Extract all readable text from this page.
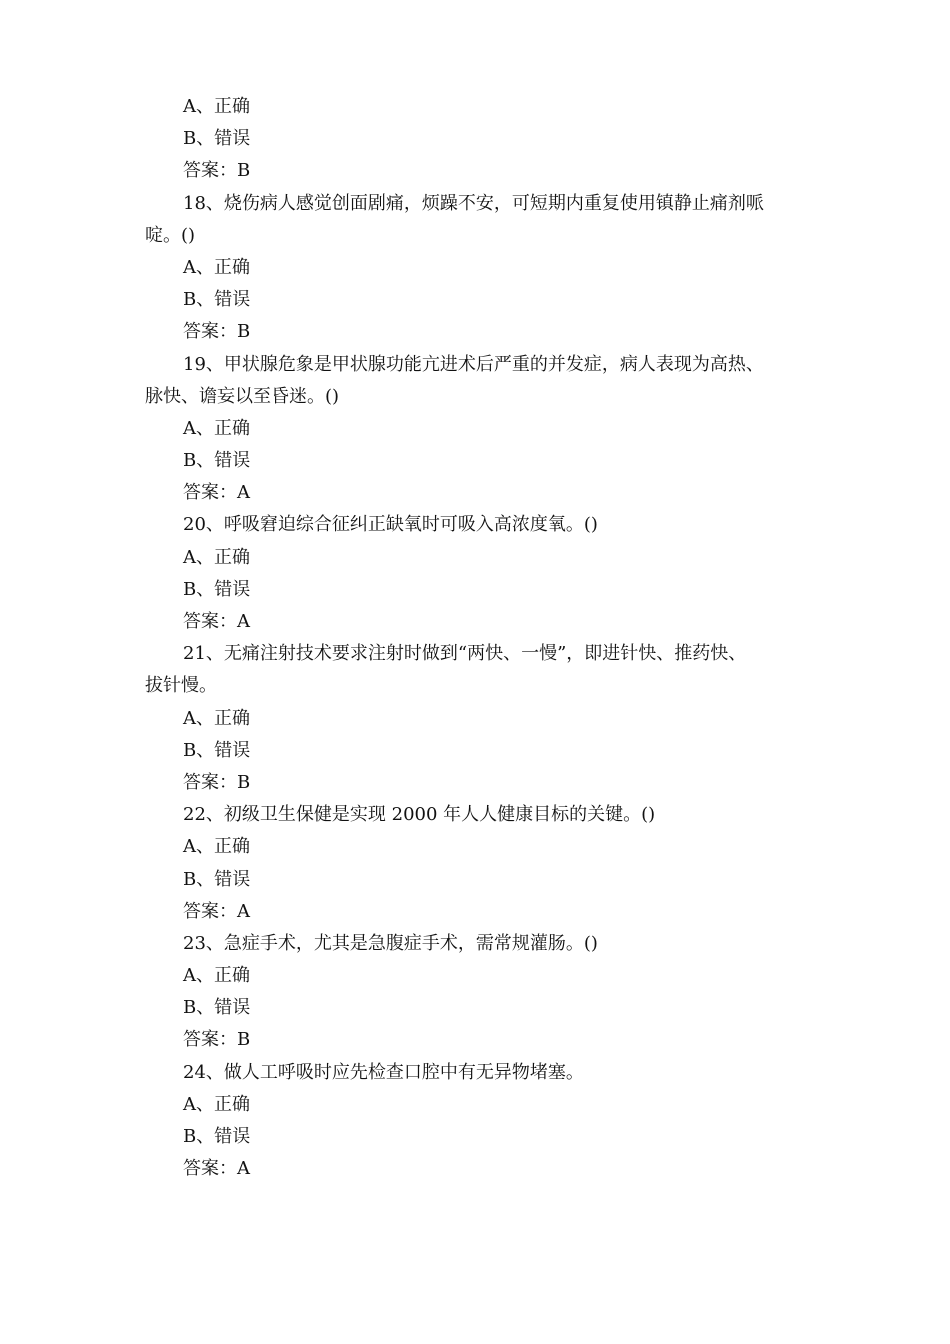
A、正确
B、错误
答案：B
18、烧伤病人感觉创面剧痛，烦躁不安，可短期内重复使用镇静止痛剂哌
啶。()
A、正确
B、错误
答案：B
19、甲状腺危象是甲状腺功能亢进术后严重的并发症，病人表现为高热、
脉快、谵妄以至昏迷。()
A、正确
B、错误
答案：A
20、呼吸窘迫综合征纠正缺氧时可吸入高浓度氧。()
A、正确
B、错误
答案：A
21、无痛注射技术要求注射时做到“两快、一慢”，即进针快、推药快、
拔针慢。
A、正确
B、错误
答案：B
22、初级卫生保健是实现 2000 年人人健康目标的关键。()
A、正确
B、错误
答案：A
23、急症手术，尤其是急腹症手术，需常规灌肠。()
A、正确
B、错误
答案：B
24、做人工呼吸时应先检查口腔中有无异物堵塞。
A、正确
B、错误
答案：A
